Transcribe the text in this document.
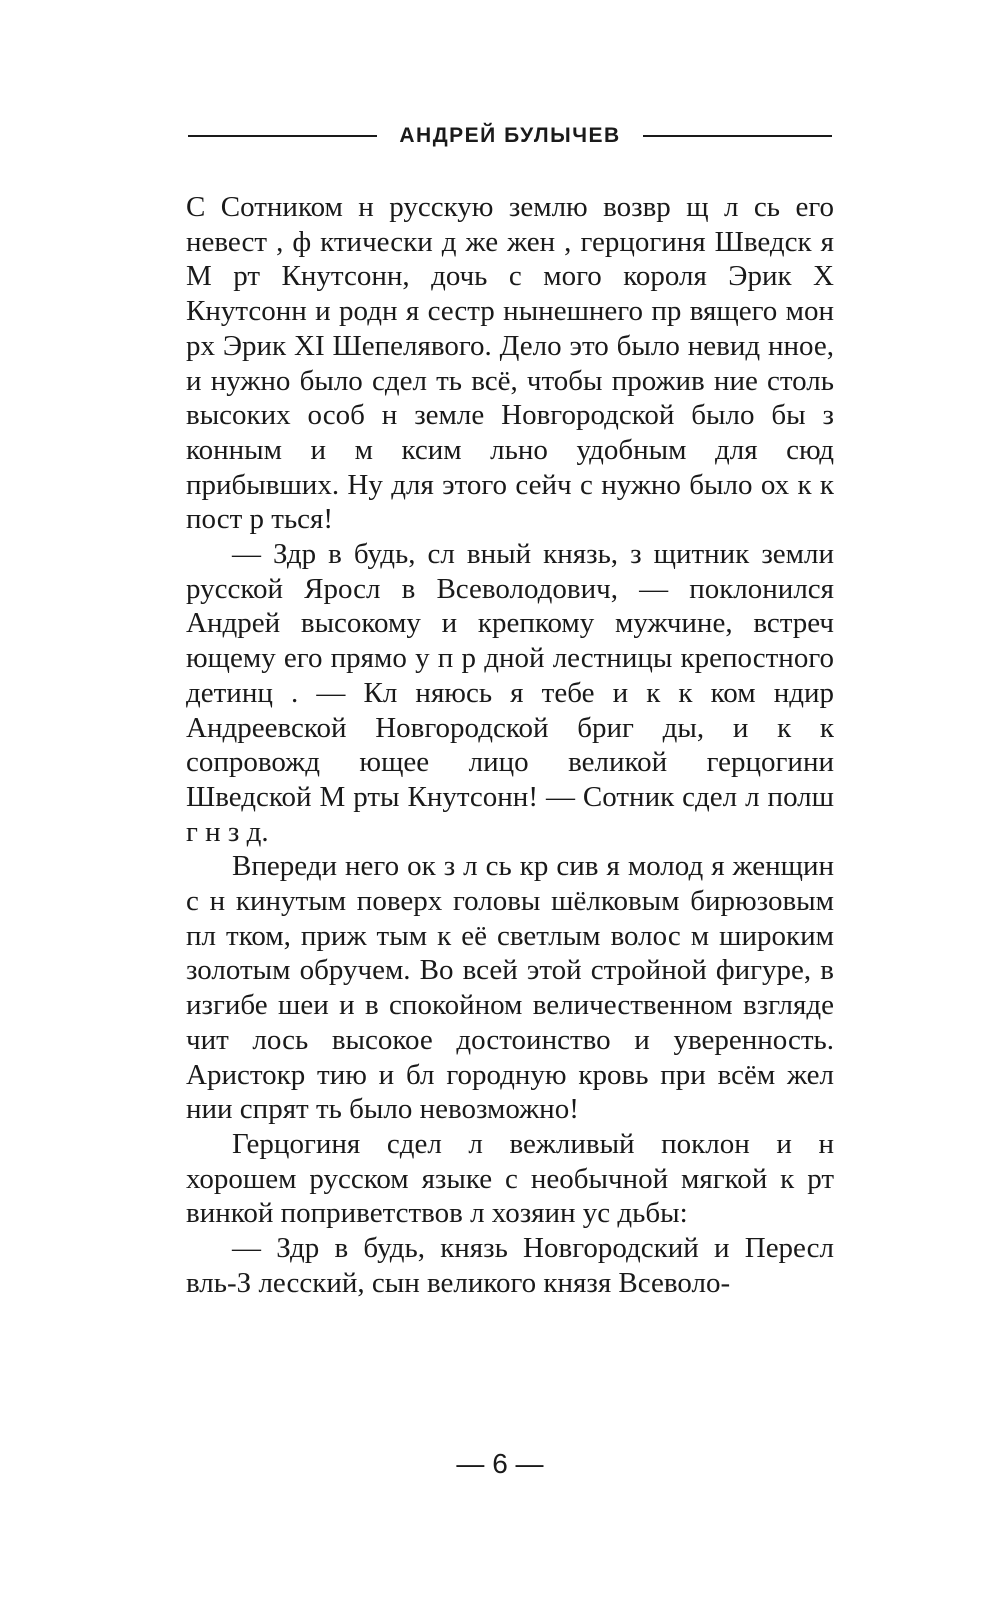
АНДРЕЙ БУЛЫЧЕВ

С Сотником н русскую землю возвр щ л сь его невест , ф ктически д же жен , герцогиня Шведск я М рт Кнутсонн, дочь с мого короля Эрик Х Кнутсонн и родн я сестр нынешнего пр вящего мон рх Эрик XI Шепелявого. Дело это было невид нное, и нужно было сдел ть всё, чтобы прожив ние столь высоких особ н земле Новгородской было бы з конным и м ксим льно удобным для сюд прибывших. Ну для этого сейч с нужно было ох к к пост р ться!

— Здр в будь, сл вный князь, з щитник земли русской Яросл в Всеволодович, — поклонился Андрей высокому и крепкому мужчине, встреч ющему его прямо у п р дной лестницы крепостного детинц . — Кл няюсь я тебе и к к ком ндир Андреевской Новгородской бриг ды, и к к сопровожд ющее лицо великой герцогини Шведской М рты Кнутсонн! — Сотник сдел л полш г н з д.

Впереди него ок з л сь кр сив я молод я женщин с н кинутым поверх головы шёлковым бирюзовым пл тком, приж тым к её светлым волос м широким золотым обручем. Во всей этой стройной фигуре, в изгибе шеи и в спокойном величественном взгляде чит лось высокое достоинство и уверенность. Аристокр тию и бл городную кровь при всём жел нии спрят ть было невозможно!

Герцогиня сдел л вежливый поклон и н хорошем русском языке с необычной мягкой к рт винкой поприветствов л хозяин ус дьбы:

— Здр в будь, князь Новгородский и Пересл вль-З лесский, сын великого князя Всеволо-

— 6 —
